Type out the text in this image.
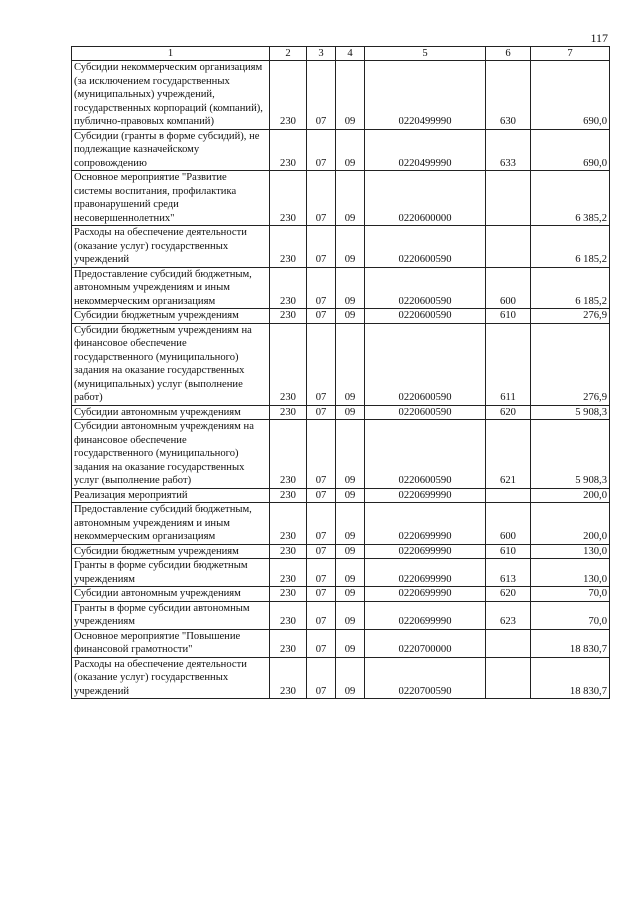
117
1	2	3	4	5	6	7
Субсидии некоммерческим организациям (за исключением государственных (муниципальных) учреждений, государственных корпораций (компаний), публично-правовых компаний)	230	07	09	0220499990	630	690,0
Субсидии (гранты в форме субсидий), не подлежащие казначейскому сопровождению	230	07	09	0220499990	633	690,0
Основное мероприятие "Развитие системы воспитания, профилактика правонарушений среди несовершеннолетних"	230	07	09	0220600000		6 385,2
Расходы на обеспечение деятельности (оказание услуг) государственных учреждений	230	07	09	0220600590		6 185,2
Предоставление субсидий бюджетным, автономным учреждениям и иным некоммерческим организациям	230	07	09	0220600590	600	6 185,2
Субсидии бюджетным учреждениям	230	07	09	0220600590	610	276,9
Субсидии бюджетным учреждениям на финансовое обеспечение государственного (муниципального) задания на оказание государственных (муниципальных) услуг (выполнение работ)	230	07	09	0220600590	611	276,9
Субсидии автономным учреждениям	230	07	09	0220600590	620	5 908,3
Субсидии автономным учреждениям на финансовое обеспечение государственного (муниципального) задания на оказание государственных услуг (выполнение работ)	230	07	09	0220600590	621	5 908,3
Реализация мероприятий	230	07	09	0220699990		200,0
Предоставление субсидий бюджетным, автономным учреждениям и иным некоммерческим организациям	230	07	09	0220699990	600	200,0
Субсидии бюджетным учреждениям	230	07	09	0220699990	610	130,0
Гранты в форме субсидии бюджетным учреждениям	230	07	09	0220699990	613	130,0
Субсидии автономным учреждениям	230	07	09	0220699990	620	70,0
Гранты в форме субсидии автономным учреждениям	230	07	09	0220699990	623	70,0
Основное мероприятие "Повышение финансовой грамотности"	230	07	09	0220700000		18 830,7
Расходы на обеспечение деятельности (оказание услуг) государственных учреждений	230	07	09	0220700590		18 830,7
